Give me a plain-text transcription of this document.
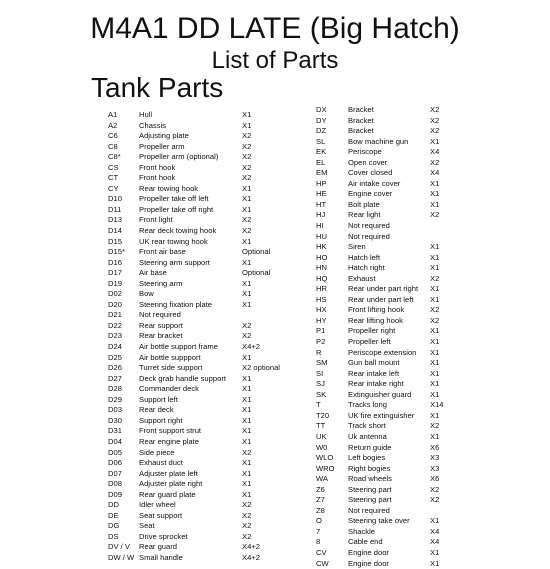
M4A1 DD LATE (Big Hatch)
List of Parts
Tank Parts
A1	Hull	X1
A2	Chassis	X1
C6	Adjusting plate	X2
C8	Propeller arm	X2
C8* Propeller arm (optional)	X2
CS	Front hook	X2
CT	Front hook	X2
CY	Rear towing hook	X1
D10 Propeller take off left	X1
D11 Propeller take off right	X1
D13 Front light	X2
D14 Rear deck towing hook	X2
D15 UK rear towing hook	X1
D15* Front air base	Optional
D16 Steering arm support	X1
D17 Air base	Optional
D19 Steering arm	X1
D02 Bow	X1
D20 Steering fixation plate	X1
D21 Not required
D22 Rear support	X2
D23 Rear bracket	X2
D24 Air bottle support frame	X4+2
D25 Air bottle suppport	X1
D26 Turret side support	X2 optional
D27 Deck grab handle support X1
D28 Commander deck	X1
D29 Support left	X1
D03 Rear deck	X1
D30 Support right	X1
D31 Front support strut	X1
D04 Rear engine plate	X1
D05 Side piece	X2
D06 Exhaust duct	X1
D07 Adjuster plate left	X1
D08 Adjuster plate right	X1
D09 Rear guard plate	X1
DD	Idler wheel	X2
DE	Seat support	X2
DG	Seat	X2
DS	Drive sprocket	X2
DV / V Rear guard	X4+2
DW / W Small handle	X4+2
DX	Bracket	X2
DY	Bracket	X2
DZ	Bracket	X2
SL	Bow machine gun	X1
EK	Periscope	X4
EL	Open cover	X2
EM	Cover closed	X4
HP	Air intake cover	X1
HE	Engine cover	X1
HT	Bolt plate	X1
HJ	Rear light	X2
HI	Not required
HU	Not required
HK	Siren	X1
HO	Hatch left	X1
HN	Hatch right	X1
HQ	Exhaust	X2
HR	Rear under part right X1
HS	Rear under part left X1
HX	Front lifting hook	X2
HY	Rear lifting hook	X2
P1	Propeller right	X1
P2	Propeller left	X1
R	Periscope extension X1
SM	Gun ball mount	X1
SI	Rear intake left	X1
SJ	Rear intake right	X1
SK	Extinguisher guard X1
T	Tracks long	X14
T20 UK fire extinguisher X1
TT	Track short	X2
UK	Uk antenna	X1
W0	Return guide	X6
WLO Left bogies	X3
WRO Right bogies	X3
WA	Road wheels	X6
Z6	Steering part	X2
Z7	Steering part	X2
Z8	Not required
O	Steering take over	X1
7	Shackle	X4
8	Cable end	X4
CV	Engine door	X1
CW	Engine door	X1
